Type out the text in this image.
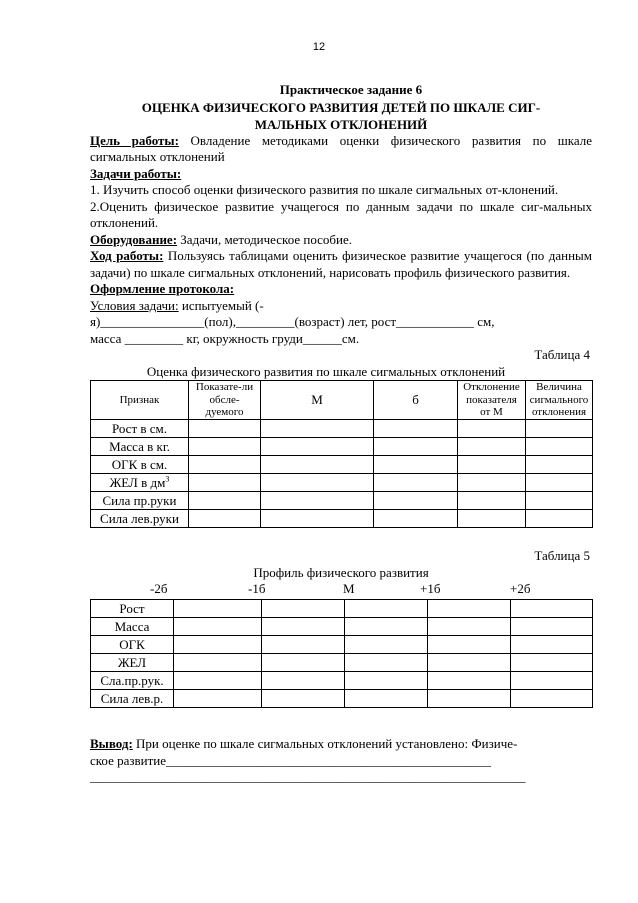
12
Практическое задание 6
ОЦЕНКА ФИЗИЧЕСКОГО РАЗВИТИЯ ДЕТЕЙ ПО ШКАЛЕ СИГ-
МАЛЬНЫХ ОТКЛОНЕНИЙ

Цель работы: Овладение методиками оценки физического развития по шкале сигмальных отклонений

Задачи работы:

1. Изучить способ оценки физического развития по шкале сигмальных от-клонений.

2.Оценить физическое развитие учащегося по данным задачи по шкале сиг-мальных отклонений.

Оборудование: Задачи, методическое пособие.

Ход работы: Пользуясь таблицами оценить физическое развитие учащегося (по данным задачи) по шкале сигмальных отклонений, нарисовать профиль физического развития.

Оформление протокола:

Условия задачи: испытуемый (-

я)________________(пол),_________(возраст) лет, рост____________ см,

масса _________ кг, окружность груди______см.

Таблица 4
Оценка физического развития по шкале сигмальных отклонений
Признак	Показате-ли обсле-дуемого	М	б	Отклонение показателя от М	Величина сигмального отклонения
Рост в см.					
Масса в кг.					
ОГК в см.					
ЖЕЛ в $дм^3$					
Сила пр.руки					
Сила лев.руки					
Таблица 5
Профиль физического развития
-2б	-1б	М	+1б	+2б
Рост					
Масса					
ОГК					
ЖЕЛ					
Сла.пр.рук.					
Сила лев.р.					

Вывод: При оценке по шкале сигмальных отклонений установлено: Физиче-

ское развитие__________________________________________________

___________________________________________________________________
